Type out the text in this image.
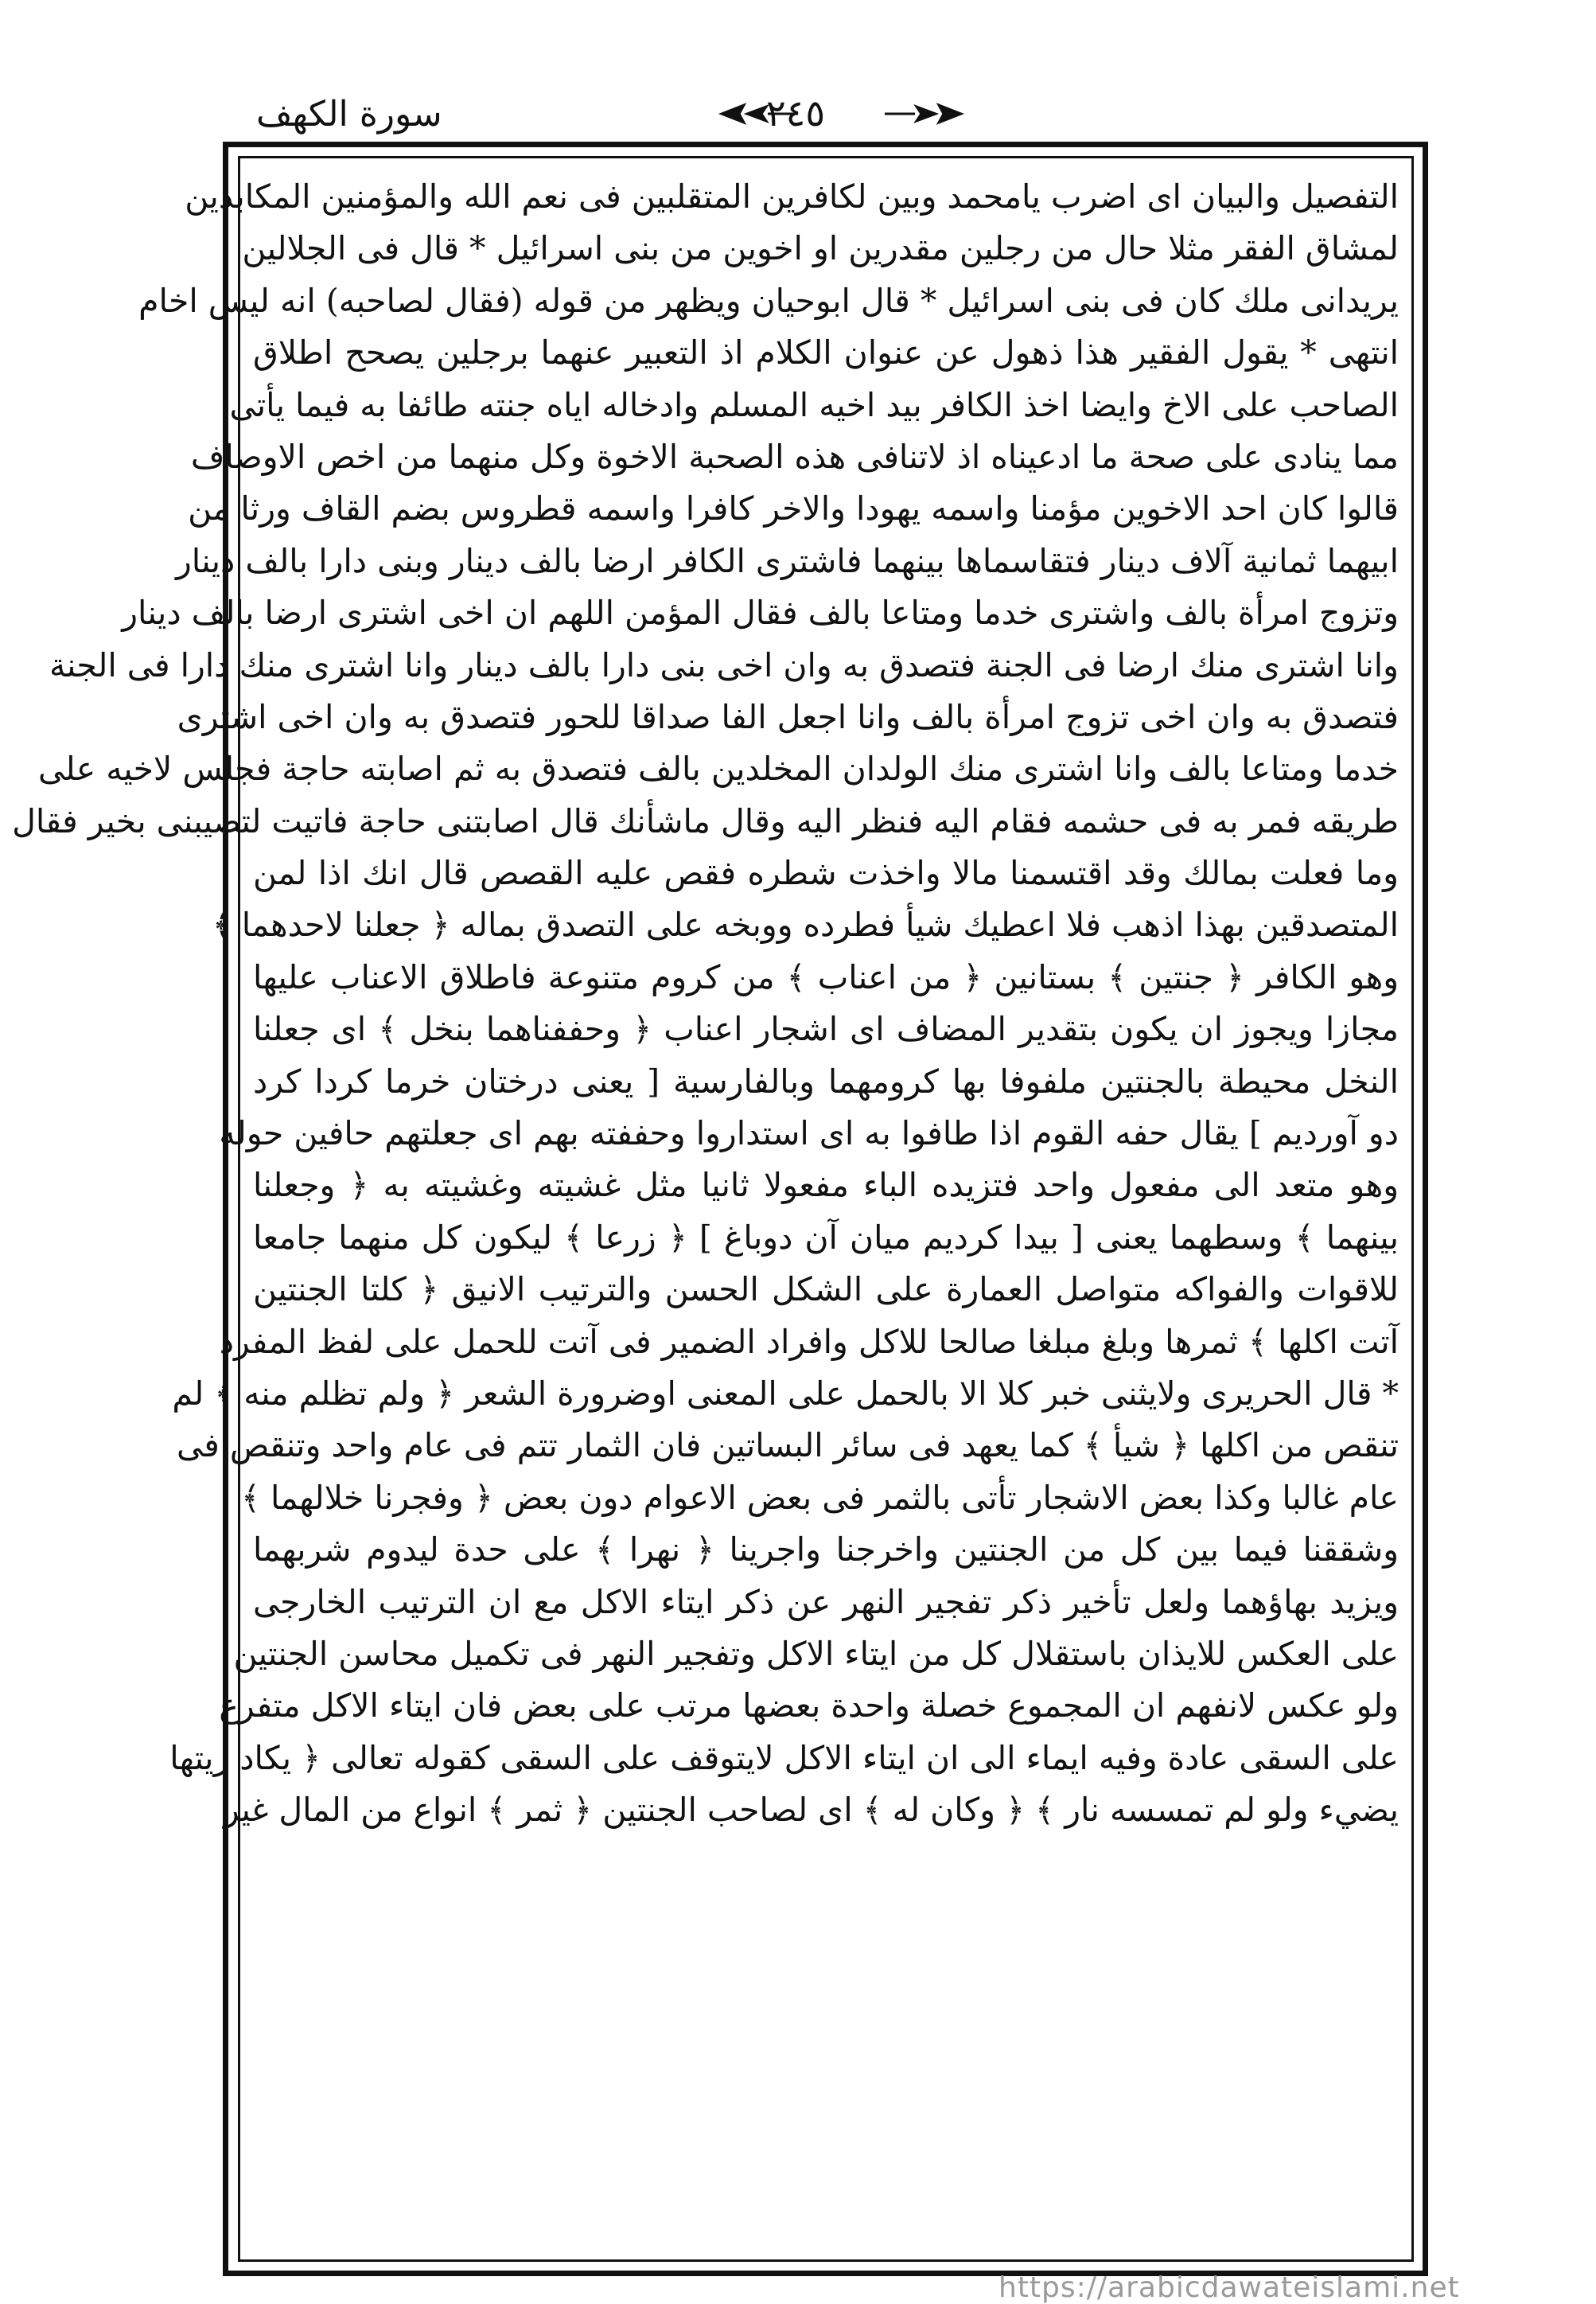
سورة الكهف	٢٤٥
التفصيل والبيان اى اضرب يامحمد وبين لكافرين المتقلبين فى نعم الله والمؤمنين المكابدين
لمشاق الفقر مثلا حال من رجلين مقدرين او اخوين من بنى اسرائيل * قال فى الجلالين
يريدانى ملك كان فى بنى اسرائيل * قال ابوحيان ويظهر من قوله (فقال لصاحبه) انه ليس اخام
انتهى * يقول الفقير هذا ذهول عن عنوان الكلام اذ التعبير عنهما برجلين يصحح اطلاق
الصاحب على الاخ وايضا اخذ الكافر بيد اخيه المسلم وادخاله اياه جنته طائفا به فيما يأتى
مما ينادى على صحة ما ادعيناه اذ لاتنافى هذه الصحبة الاخوة وكل منهما من اخص الاوصاف
قالوا كان احد الاخوين مؤمنا واسمه يهودا والاخر كافرا واسمه قطروس بضم القاف ورثا من
ابيهما ثمانية آلاف دينار فتقاسماها بينهما فاشترى الكافر ارضا بالف دينار وبنى دارا بالف دينار
وتزوج امرأة بالف واشترى خدما ومتاعا بالف فقال المؤمن اللهم ان اخى اشترى ارضا بالف دينار
وانا اشترى منك ارضا فى الجنة فتصدق به وان اخى بنى دارا بالف دينار وانا اشترى منك دارا فى الجنة
فتصدق به وان اخى تزوج امرأة بالف وانا اجعل الفا صداقا للحور فتصدق به وان اخى اشترى
خدما ومتاعا بالف وانا اشترى منك الولدان المخلدين بالف فتصدق به ثم اصابته حاجة فجلس لاخيه على
طريقه فمر به فى حشمه فقام اليه فنظر اليه وقال ماشأنك قال اصابتنى حاجة فاتيت لتصيبنى بخير فقال
وما فعلت بمالك وقد اقتسمنا مالا واخذت شطره فقص عليه القصص قال انك اذا لمن
المتصدقين بهذا اذهب فلا اعطيك شيأ فطرده ووبخه على التصدق بماله ﴿ جعلنا لاحدهما ﴾
وهو الكافر ﴿ جنتين ﴾ بستانين ﴿ من اعناب ﴾ من كروم متنوعة فاطلاق الاعناب عليها
مجازا ويجوز ان يكون بتقدير المضاف اى اشجار اعناب ﴿ وحففناهما بنخل ﴾ اى جعلنا
النخل محيطة بالجنتين ملفوفا بها كرومهما وبالفارسية [ يعنى درختان خرما كردا كرد
دو آورديم ] يقال حفه القوم اذا طافوا به اى استداروا وحففته بهم اى جعلتهم حافين حوله
وهو متعد الى مفعول واحد فتزيده الباء مفعولا ثانيا مثل غشيته وغشيته به ﴿ وجعلنا
بينهما ﴾ وسطهما يعنى [ بيدا كرديم ميان آن دوباغ ] ﴿ زرعا ﴾ ليكون كل منهما جامعا
للاقوات والفواكه متواصل العمارة على الشكل الحسن والترتيب الانيق ﴿ كلتا الجنتين
آتت اكلها ﴾ ثمرها وبلغ مبلغا صالحا للاكل وافراد الضمير فى آتت للحمل على لفظ المفرد
* قال الحريرى ولايثنى خبر كلا الا بالحمل على المعنى اوضرورة الشعر ﴿ ولم تظلم منه ﴾ لم
تنقص من اكلها ﴿ شيأ ﴾ كما يعهد فى سائر البساتين فان الثمار تتم فى عام واحد وتنقص فى
عام غالبا وكذا بعض الاشجار تأتى بالثمر فى بعض الاعوام دون بعض ﴿ وفجرنا خلالهما ﴾
وشققنا فيما بين كل من الجنتين واخرجنا واجرينا ﴿ نهرا ﴾ على حدة ليدوم شربهما
ويزيد بهاؤهما ولعل تأخير ذكر تفجير النهر عن ذكر ايتاء الاكل مع ان الترتيب الخارجى
على العكس للايذان باستقلال كل من ايتاء الاكل وتفجير النهر فى تكميل محاسن الجنتين
ولو عكس لانفهم ان المجموع خصلة واحدة بعضها مرتب على بعض فان ايتاء الاكل متفرع
على السقى عادة وفيه ايماء الى ان ايتاء الاكل لايتوقف على السقى كقوله تعالى ﴿ يكاد زيتها
يضيء ولو لم تمسسه نار ﴾ ﴿ وكان له ﴾ اى لصاحب الجنتين ﴿ ثمر ﴾ انواع من المال غير
https://arabicdawateislami.net
